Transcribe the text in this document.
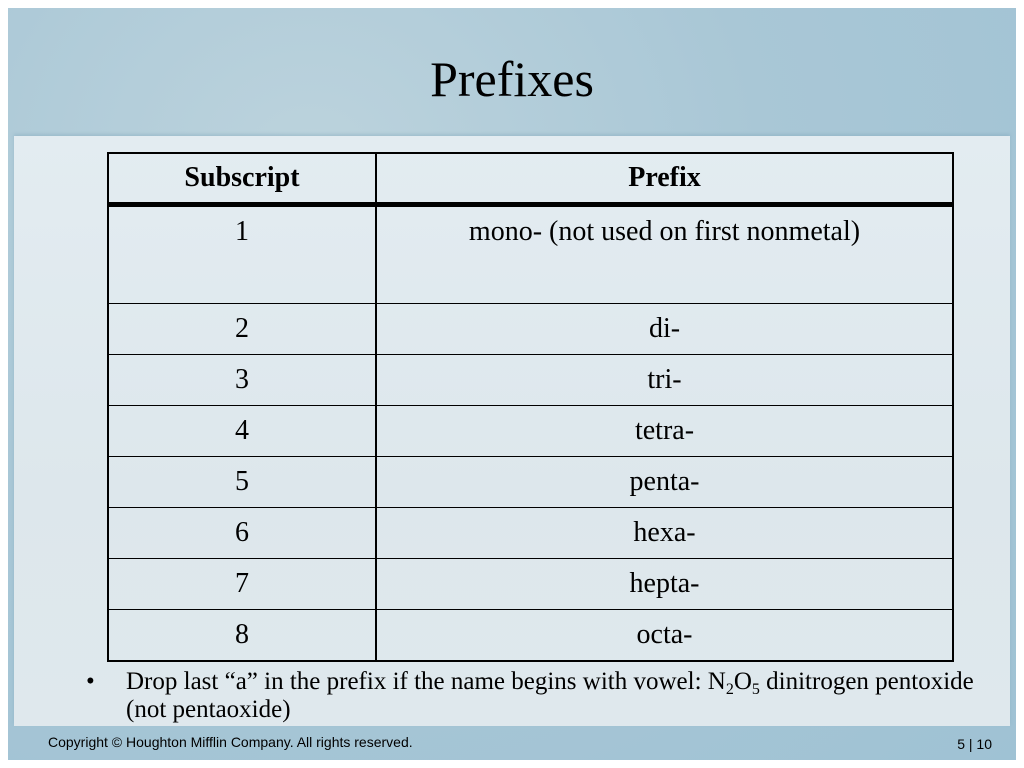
Prefixes
Subscript	Prefix
1	mono- (not used on first nonmetal)
2	di-
3	tri-
4	tetra-
5	penta-
6	hexa-
7	hepta-
8	octa-
• Drop last “a” in the prefix if the name begins with vowel: $N_2O_5$ dinitrogen pentoxide (not pentaoxide)
Copyright © Houghton Mifflin Company. All rights reserved.	5 | 10
